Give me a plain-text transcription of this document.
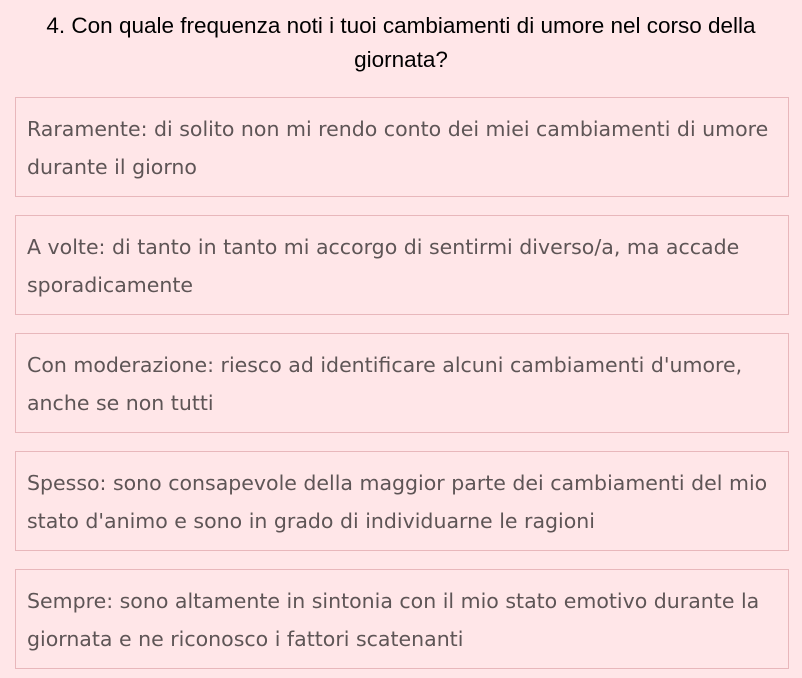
4. Con quale frequenza noti i tuoi cambiamenti di umore nel corso della giornata?
Raramente: di solito non mi rendo conto dei miei cambiamenti di umore durante il giorno
A volte: di tanto in tanto mi accorgo di sentirmi diverso/a, ma accade sporadicamente
Con moderazione: riesco ad identificare alcuni cambiamenti d'umore, anche se non tutti
Spesso: sono consapevole della maggior parte dei cambiamenti del mio stato d'animo e sono in grado di individuarne le ragioni
Sempre: sono altamente in sintonia con il mio stato emotivo durante la giornata e ne riconosco i fattori scatenanti
